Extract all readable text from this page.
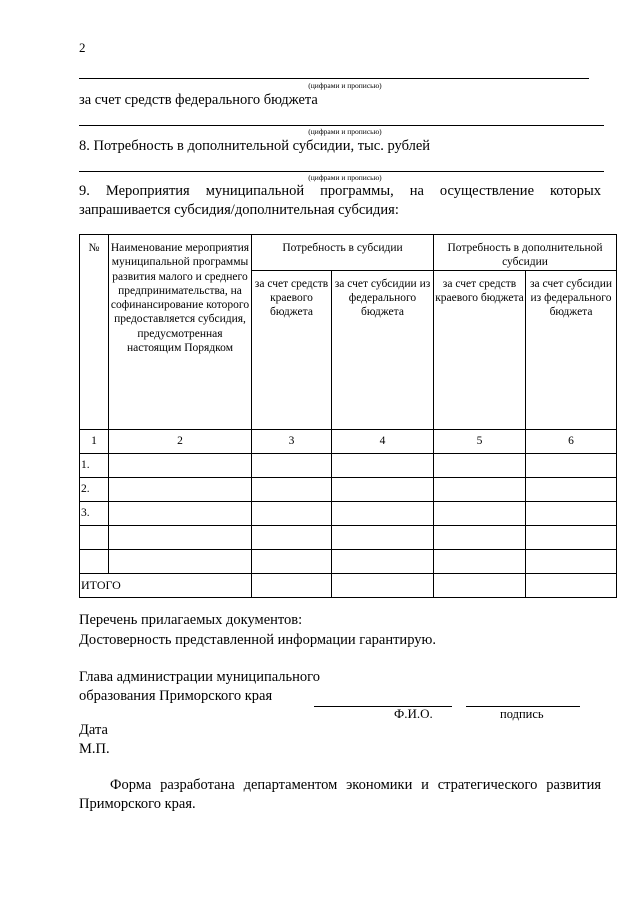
2
(цифрами и прописью)
за счет средств федерального бюджета
(цифрами и прописью)
8. Потребность в дополнительной субсидии, тыс. рублей
(цифрами и прописью)
9. Мероприятия муниципальной программы, на осуществление которых
запрашивается субсидия/дополнительная субсидия:
№	Наименование мероприятия муниципальной программы развития малого и среднего предпринимательства, на софинансирование которого предоставляется субсидия, предусмотренная настоящим Порядком	Потребность в субсидии		Потребность в дополнительной субсидии	
		за счет средств краевого бюджета	за счет субсидии из федерального бюджета	за счет средств краевого бюджета	за счет субсидии из федерального бюджета
1	2	3	4	5	6
1.					
2.					
3.					

ИТОГО					
Перечень прилагаемых документов:
Достоверность представленной информации гарантирую.
Глава администрации муниципального
образования Приморского края
Ф.И.О.	подпись
Дата
М.П.
Форма разработана департаментом экономики и стратегического развития
Приморского края.
